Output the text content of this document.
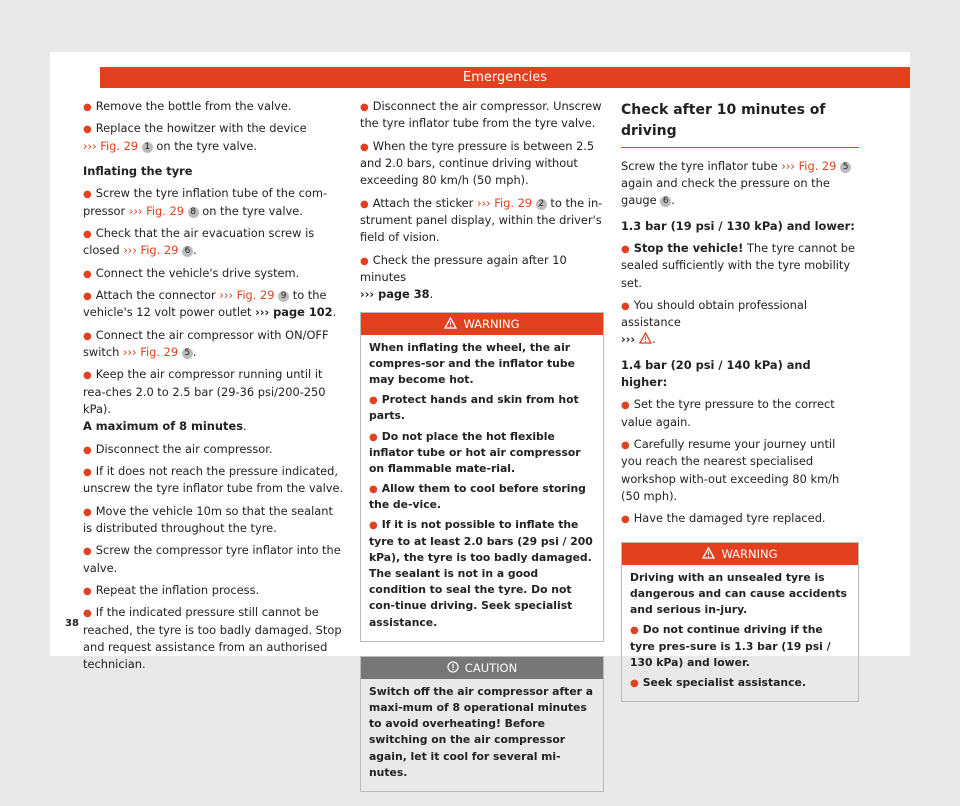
Emergencies

● Remove the bottle from the valve.

● Replace the howitzer with the device
››› Fig. 29 1 on the tyre valve.

Inflating the tyre

● Screw the tyre inflation tube of the com-pressor ››› Fig. 29 8 on the tyre valve.

● Check that the air evacuation screw is closed ››› Fig. 29 6 .

● Connect the vehicle's drive system.

● Attach the connector ››› Fig. 29 9 to the vehicle's 12 volt power outlet ››› page 102.

● Connect the air compressor with ON/OFF switch ››› Fig. 29 5 .

● Keep the air compressor running until it rea-ches 2.0 to 2.5 bar (29-36 psi/200-250 kPa).
A maximum of 8 minutes.

● Disconnect the air compressor.

● If it does not reach the pressure indicated, unscrew the tyre inflator tube from the valve.

● Move the vehicle 10m so that the sealant is distributed throughout the tyre.

● Screw the compressor tyre inflator into the valve.

● Repeat the inflation process.

● If the indicated pressure still cannot be reached, the tyre is too badly damaged. Stop and request assistance from an authorised technician.

● Disconnect the air compressor. Unscrew the tyre inflator tube from the tyre valve.

● When the tyre pressure is between 2.5 and 2.0 bars, continue driving without exceeding 80 km/h (50 mph).

● Attach the sticker ››› Fig. 29 2 to the in-strument panel display, within the driver's field of vision.

● Check the pressure again after 10 minutes
››› page 38.

WARNING

When inflating the wheel, the air compres-sor and the inflator tube may become hot.

● Protect hands and skin from hot parts.

● Do not place the hot flexible inflator tube or hot air compressor on flammable mate-rial.

● Allow them to cool before storing the de-vice.

● If it is not possible to inflate the tyre to at least 2.0 bars (29 psi / 200 kPa), the tyre is too badly damaged. The sealant is not in a good condition to seal the tyre. Do not con-tinue driving. Seek specialist assistance.

CAUTION

Switch off the air compressor after a maxi-mum of 8 operational minutes to avoid overheating! Before switching on the air compressor again, let it cool for several mi-nutes.

Check after 10 minutes of driving

Screw the tyre inflator tube ››› Fig. 29 5 again and check the pressure on the gauge 6 .

1.3 bar (19 psi / 130 kPa) and lower:

● Stop the vehicle! The tyre cannot be sealed sufficiently with the tyre mobility set.

● You should obtain professional assistance
››› .

1.4 bar (20 psi / 140 kPa) and higher:

● Set the tyre pressure to the correct value again.

● Carefully resume your journey until you reach the nearest specialised workshop with-out exceeding 80 km/h (50 mph).

● Have the damaged tyre replaced.

WARNING

Driving with an unsealed tyre is dangerous and can cause accidents and serious in-jury.

● Do not continue driving if the tyre pres-sure is 1.3 bar (19 psi / 130 kPa) and lower.

● Seek specialist assistance.

38
